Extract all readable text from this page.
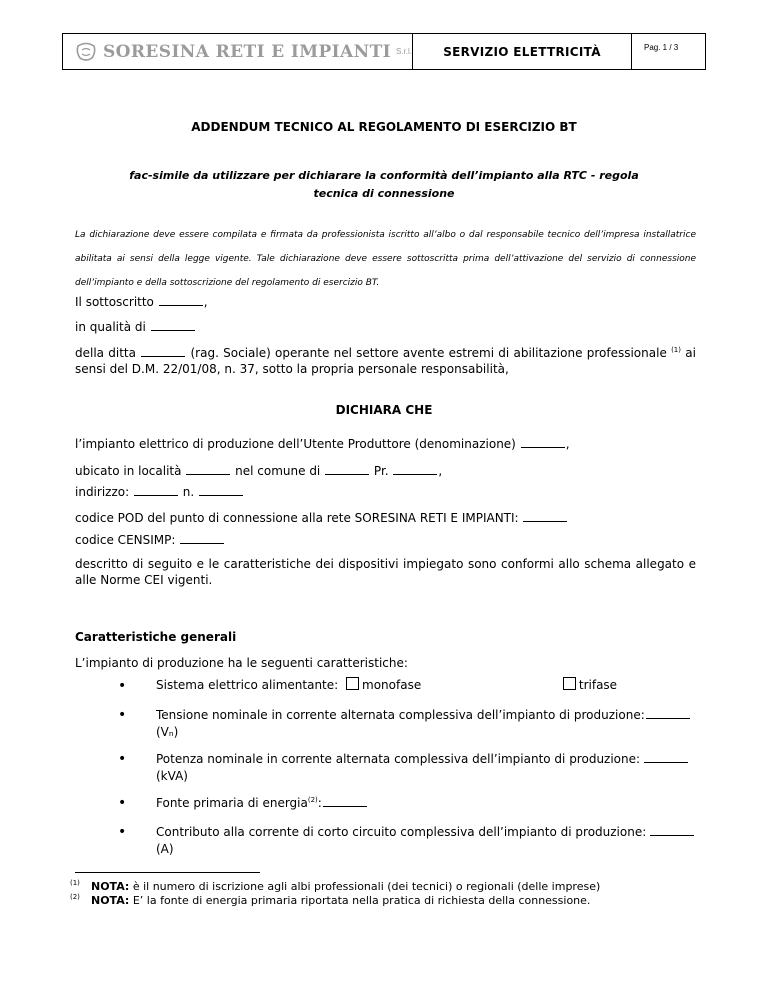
SORESINA RETI E IMPIANTI S.r.l.	SERVIZIO ELETTRICITÀ	Pag. 1 / 3
ADDENDUM TECNICO AL REGOLAMENTO DI ESERCIZIO BT
fac-simile da utilizzare per dichiarare la conformità dell’impianto alla RTC - regola tecnica di connessione
La dichiarazione deve essere compilata e firmata da professionista iscritto all’albo o dal responsabile tecnico dell’impresa installatrice abilitata ai sensi della legge vigente. Tale dichiarazione deve essere sottoscritta prima dell’attivazione del servizio di connessione dell’impianto e della sottoscrizione del regolamento di esercizio BT.
Il sottoscritto	,
in qualità di
della ditta	(rag. Sociale) operante nel settore avente estremi di abilitazione professionale $^{(1)}$ ai sensi del D.M. 22/01/08, n. 37, sotto la propria personale responsabilità,
DICHIARA CHE
l’impianto elettrico di produzione dell’Utente Produttore (denominazione)	,
ubicato in località	nel comune di	Pr.	,
indirizzo:	n.
codice POD del punto di connessione alla rete SORESINA RETI E IMPIANTI:
codice CENSIMP:
descritto di seguito e le caratteristiche dei dispositivi impiegato sono conformi allo schema allegato e alle Norme CEI vigenti.
Caratteristiche generali
L’impianto di produzione ha le seguenti caratteristiche:
• Sistema elettrico alimentante: monofase	trifase
• Tensione nominale in corrente alternata complessiva dell’impianto di produzione: (Vₙ)
• Potenza nominale in corrente alternata complessiva dell’impianto di produzione:  (kVA)
• Fonte primaria di energia$^{(2)}$:
• Contributo alla corrente di corto circuito complessiva dell’impianto di produzione:  (A)
(1) NOTA: è il numero di iscrizione agli albi professionali (dei tecnici) o regionali (delle imprese)
(2) NOTA: E’ la fonte di energia primaria riportata nella pratica di richiesta della connessione.
